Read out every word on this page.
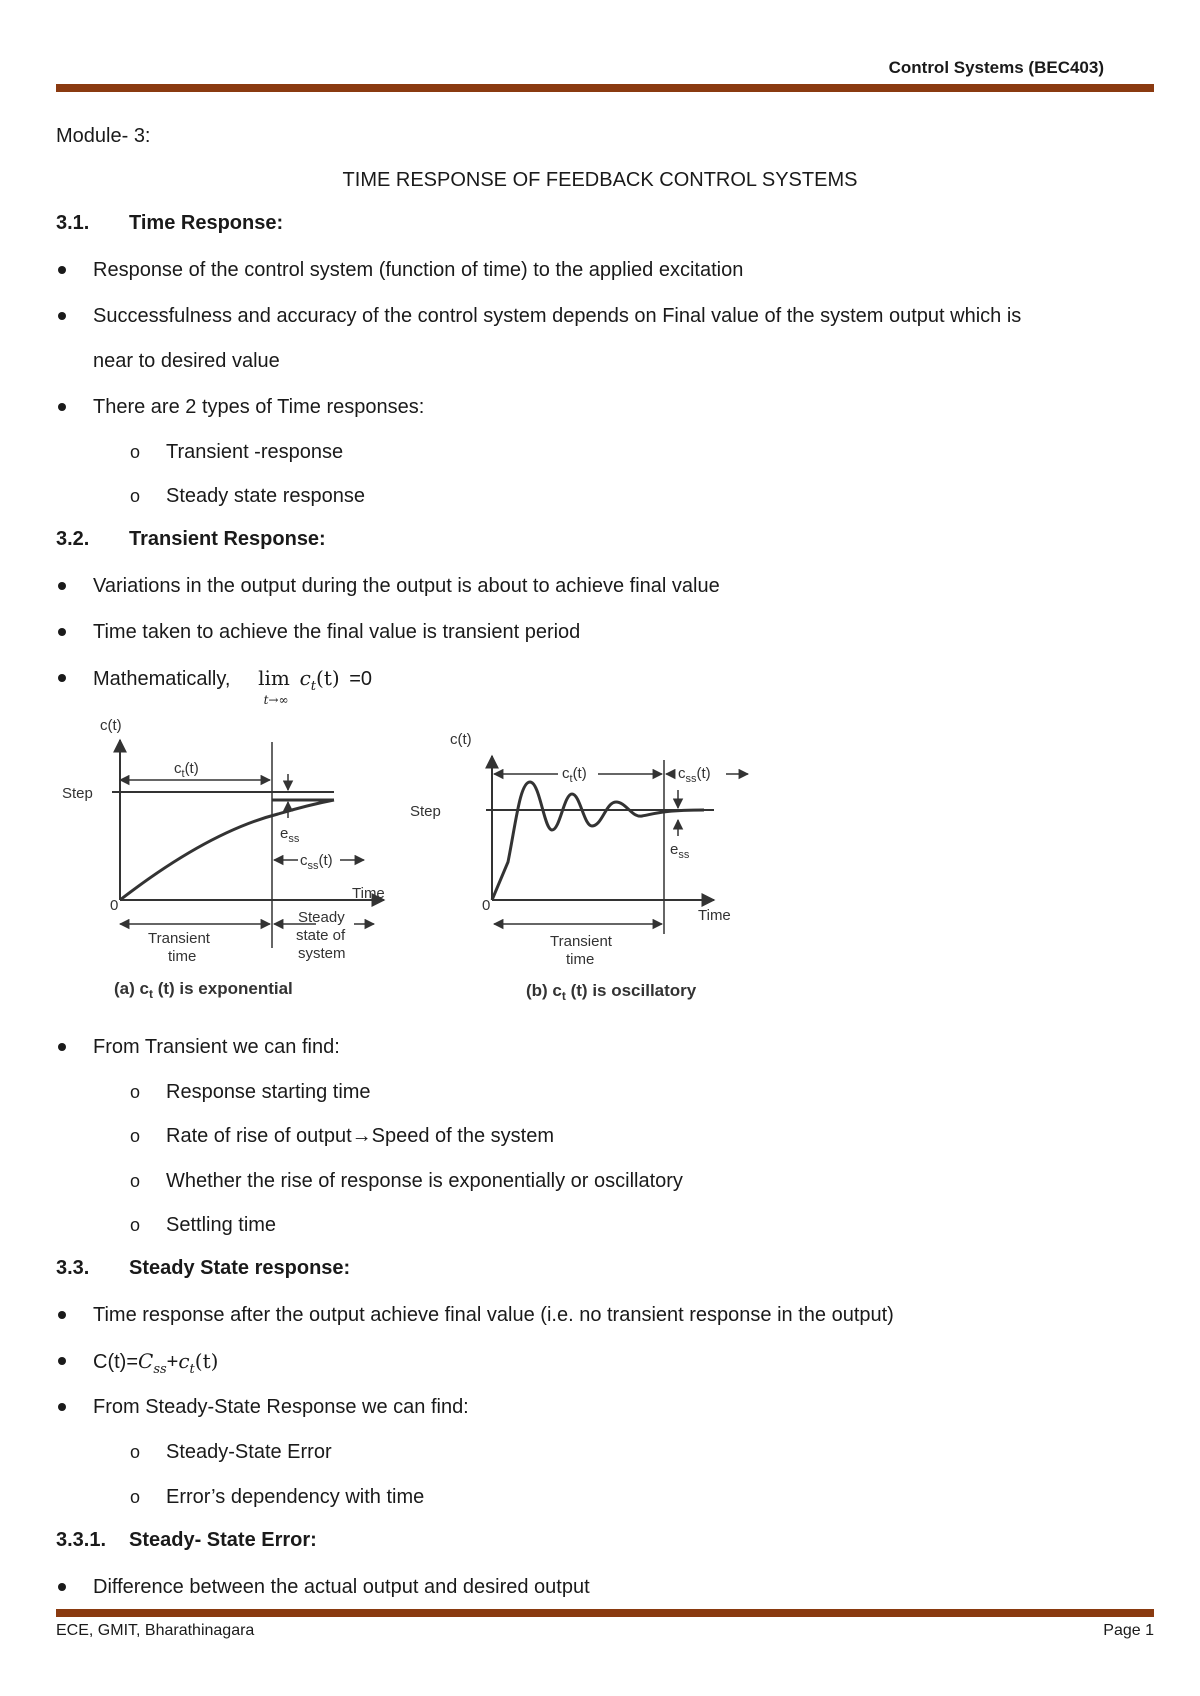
Control Systems (BEC403)
Module- 3:
TIME RESPONSE OF FEEDBACK CONTROL SYSTEMS
3.1. Time Response:
Response of the control system (function of time) to the applied excitation
Successfulness and accuracy of the control system depends on Final value of the system output which is
near to desired value
There are 2 types of Time responses:
o Transient -response
o Steady state response
3.2. Transient Response:
Variations in the output during the output is about to achieve final value
Time taken to achieve the final value is transient period
Mathematically, lim
t→∞
$c_t(t) =0$
c(t)
Step
0
$c_t(t)$
$e_{ss}$
$c_{ss}(t)$
Time
Transient
time
Steady
state of
system
(a) $c_t$ (t) is exponential
c(t)
Step
0
$c_t(t)$	$c_{ss}(t)$
$e_{ss}$
Time
Transient
time
(b) $c_t$ (t) is oscillatory
From Transient we can find:
o Response starting time
o Rate of rise of output→Speed of the system
o Whether the rise of response is exponentially or oscillatory
o Settling time
3.3. Steady State response:
Time response after the output achieve final value (i.e. no transient response in the output)
$C(t)=C_{ss}+c_t(t)$
From Steady-State Response we can find:
o Steady-State Error
o Error’s dependency with time
3.3.1. Steady- State Error:
Difference between the actual output and desired output
ECE, GMIT, Bharathinagara	Page 1
